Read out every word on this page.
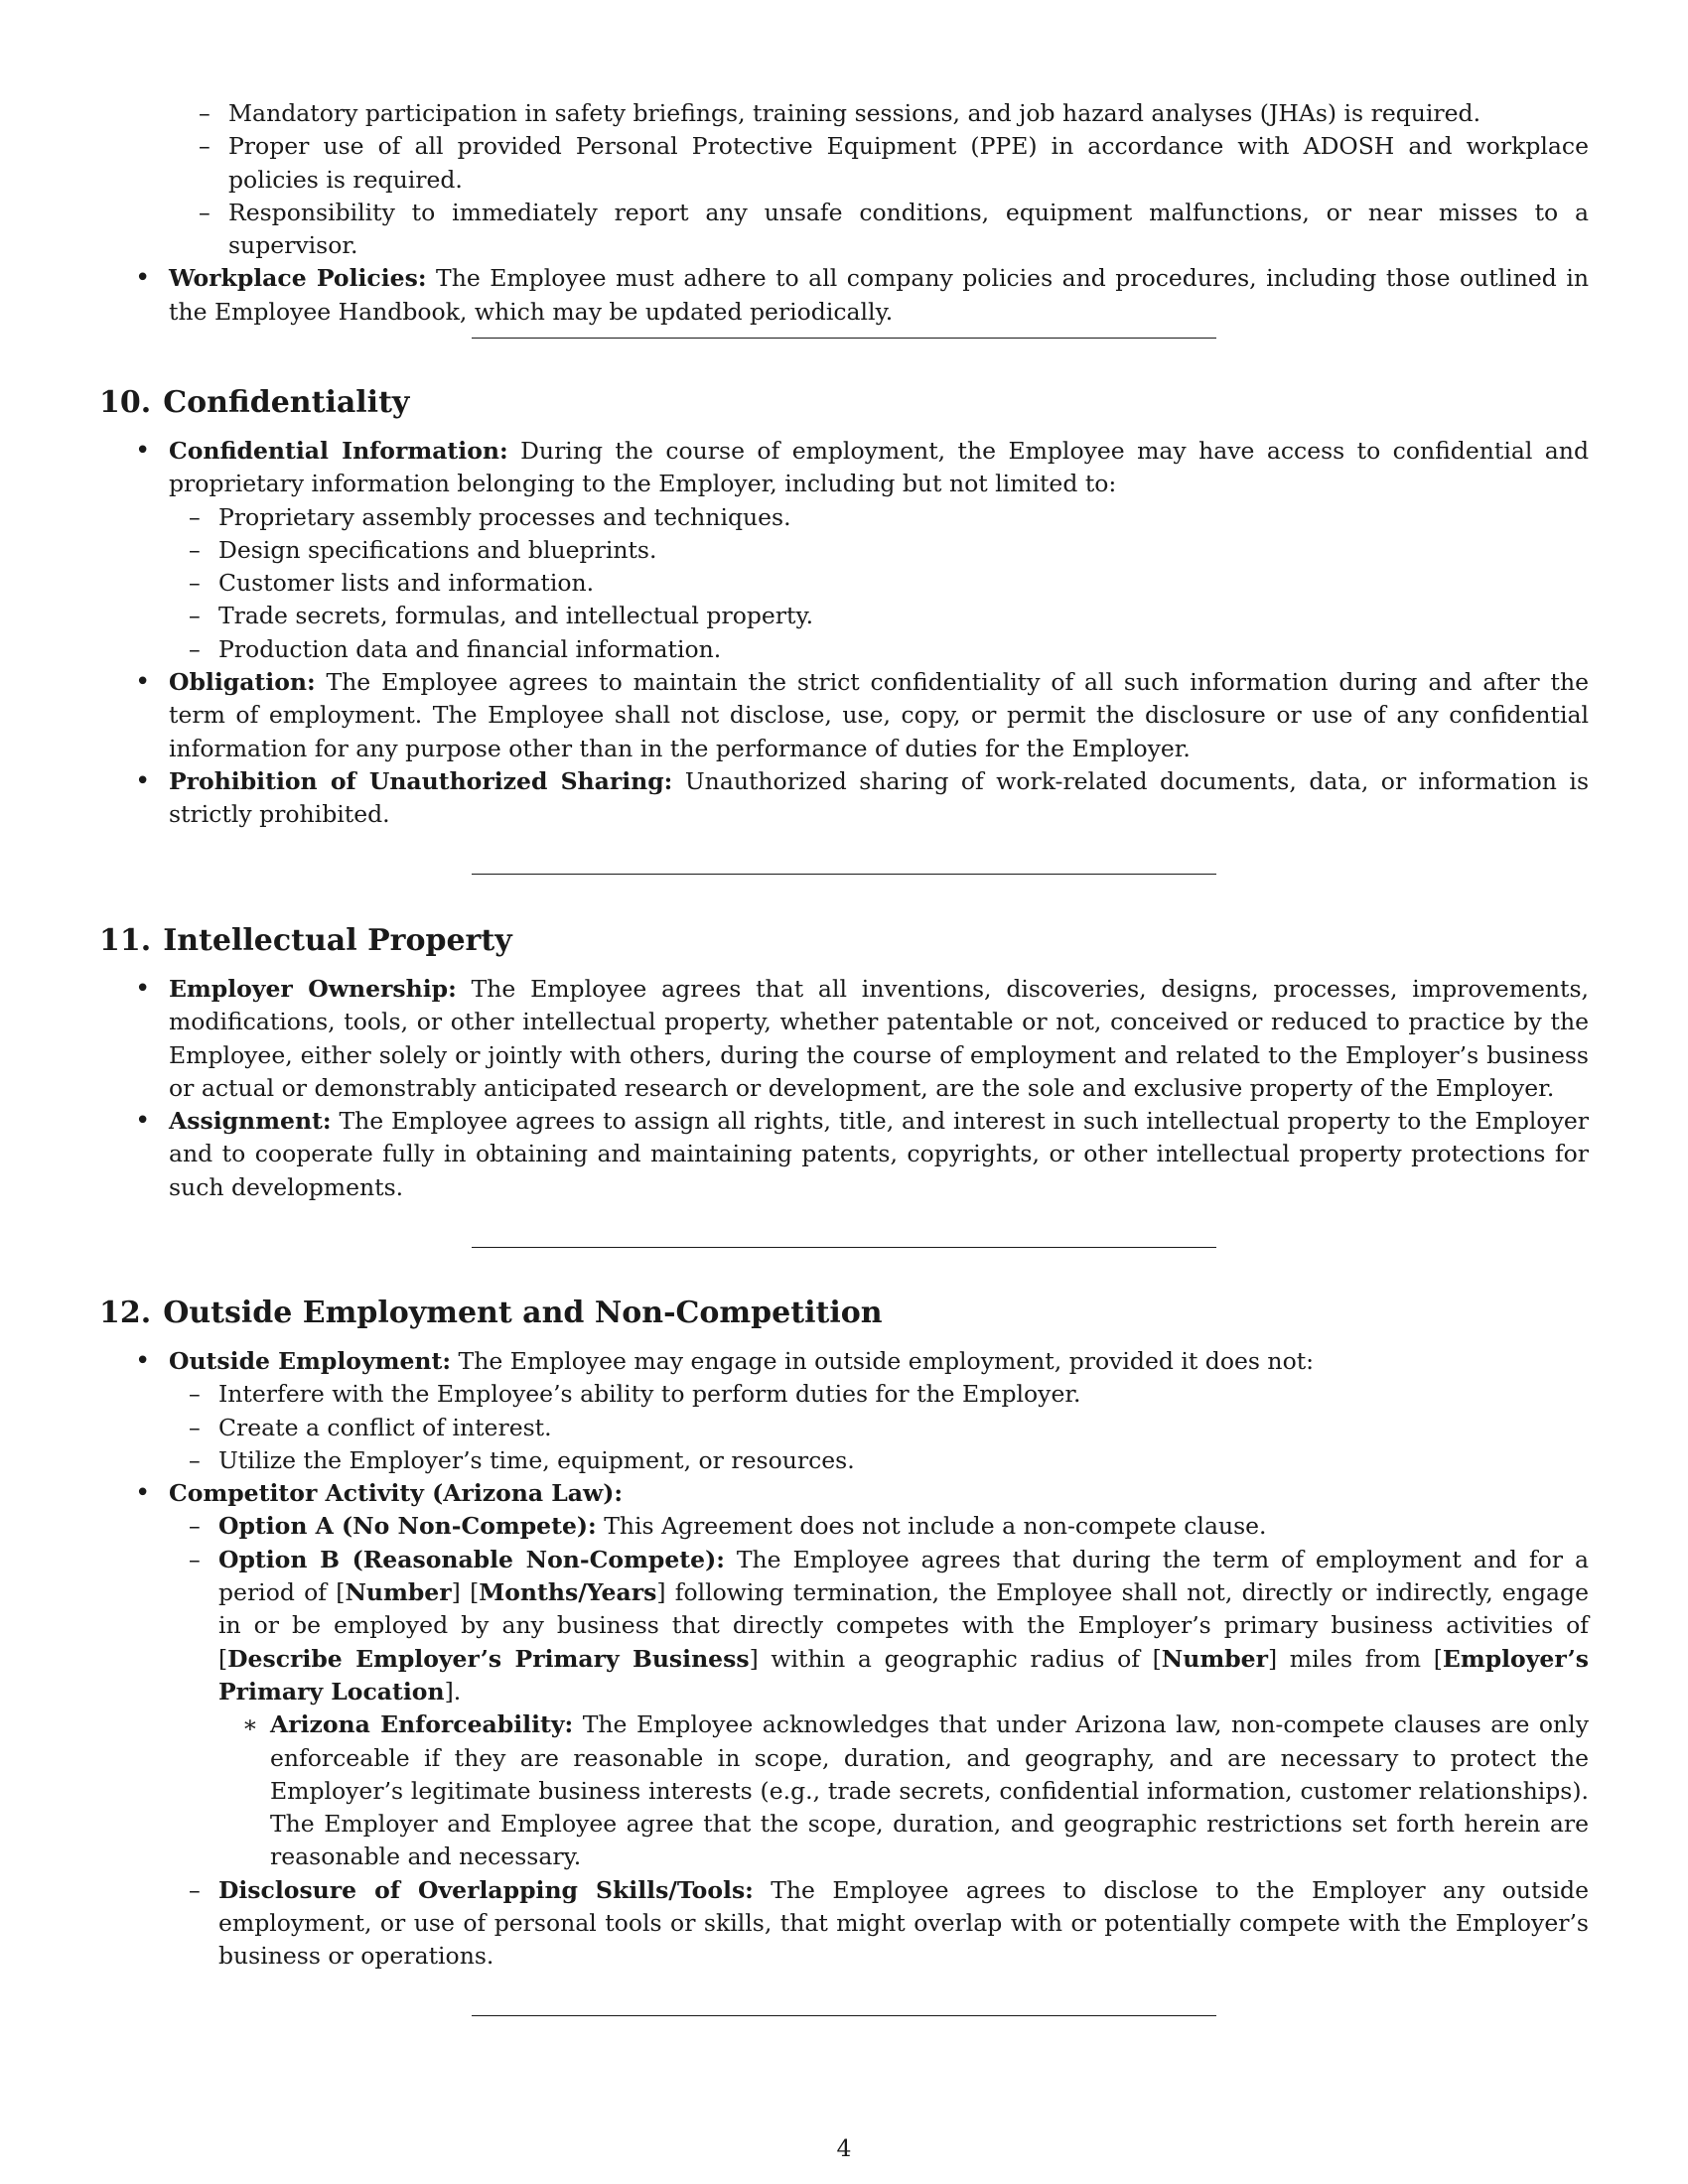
– Mandatory participation in safety briefings, training sessions, and job hazard analyses (JHAs) is required.
– Proper use of all provided Personal Protective Equipment (PPE) in accordance with ADOSH and workplace policies is required.
– Responsibility to immediately report any unsafe conditions, equipment malfunctions, or near misses to a supervisor.
• Workplace Policies: The Employee must adhere to all company policies and procedures, including those outlined in the Employee Handbook, which may be updated periodically.
10. Confidentiality
• Confidential Information: During the course of employment, the Employee may have access to confidential and proprietary information belonging to the Employer, including but not limited to:
– Proprietary assembly processes and techniques.
– Design specifications and blueprints.
– Customer lists and information.
– Trade secrets, formulas, and intellectual property.
– Production data and financial information.
• Obligation: The Employee agrees to maintain the strict confidentiality of all such information during and after the term of employment. The Employee shall not disclose, use, copy, or permit the disclosure or use of any confidential information for any purpose other than in the performance of duties for the Employer.
• Prohibition of Unauthorized Sharing: Unauthorized sharing of work-related documents, data, or information is strictly prohibited.
11. Intellectual Property
• Employer Ownership: The Employee agrees that all inventions, discoveries, designs, processes, improvements, modifications, tools, or other intellectual property, whether patentable or not, conceived or reduced to practice by the Employee, either solely or jointly with others, during the course of employment and related to the Employer’s business or actual or demonstrably anticipated research or development, are the sole and exclusive property of the Employer.
• Assignment: The Employee agrees to assign all rights, title, and interest in such intellectual property to the Employer and to cooperate fully in obtaining and maintaining patents, copyrights, or other intellectual property protections for such developments.
12. Outside Employment and Non-Competition
• Outside Employment: The Employee may engage in outside employment, provided it does not:
– Interfere with the Employee’s ability to perform duties for the Employer.
– Create a conflict of interest.
– Utilize the Employer’s time, equipment, or resources.
• Competitor Activity (Arizona Law):
– Option A (No Non-Compete): This Agreement does not include a non-compete clause.
– Option B (Reasonable Non-Compete): The Employee agrees that during the term of employment and for a period of [Number] [Months/Years] following termination, the Employee shall not, directly or indirectly, engage in or be employed by any business that directly competes with the Employer’s primary business activities of [Describe Employer’s Primary Business] within a geographic radius of [Number] miles from [Employer’s Primary Location].
∗ Arizona Enforceability: The Employee acknowledges that under Arizona law, non-compete clauses are only enforceable if they are reasonable in scope, duration, and geography, and are necessary to protect the Employer’s legitimate business interests (e.g., trade secrets, confidential information, customer relationships). The Employer and Employee agree that the scope, duration, and geographic restrictions set forth herein are reasonable and necessary.
– Disclosure of Overlapping Skills/Tools: The Employee agrees to disclose to the Employer any outside employment, or use of personal tools or skills, that might overlap with or potentially compete with the Employer’s business or operations.
4
